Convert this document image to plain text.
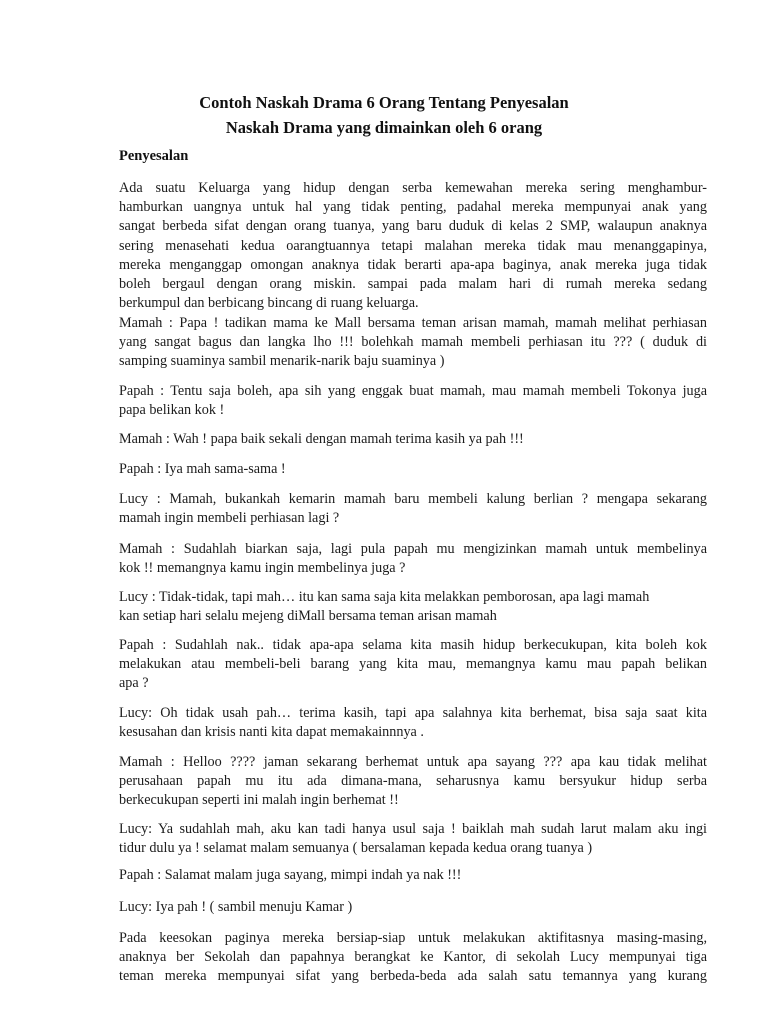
Contoh Naskah Drama 6 Orang Tentang Penyesalan
Naskah Drama yang dimainkan oleh 6 orang
Penyesalan
Ada suatu Keluarga yang hidup dengan serba kemewahan mereka sering menghambur-
hamburkan uangnya untuk hal yang tidak penting, padahal mereka mempunyai anak yang
sangat berbeda sifat dengan orang tuanya, yang baru duduk di kelas 2 SMP, walaupun anaknya
sering menasehati kedua oarangtuannya tetapi malahan mereka tidak mau menanggapinya,
mereka menganggap omongan anaknya tidak berarti apa-apa baginya, anak mereka juga tidak
boleh bergaul dengan orang miskin. sampai pada malam hari di rumah mereka sedang
berkumpul dan berbicang bincang di ruang keluarga.
Mamah : Papa ! tadikan mama ke Mall bersama teman arisan mamah, mamah melihat perhiasan
yang sangat bagus dan langka lho !!! bolehkah mamah membeli perhiasan itu ??? ( duduk di
samping suaminya sambil menarik-narik baju suaminya )
Papah : Tentu saja boleh, apa sih yang enggak buat mamah, mau mamah membeli Tokonya juga
papa belikan kok !
Mamah : Wah ! papa baik sekali dengan mamah terima kasih ya pah !!!
Papah : Iya mah sama-sama !
Lucy : Mamah, bukankah kemarin mamah baru membeli kalung berlian ? mengapa sekarang
mamah ingin membeli perhiasan lagi ?
Mamah : Sudahlah biarkan saja, lagi pula papah mu mengizinkan mamah untuk membelinya
kok !! memangnya kamu ingin membelinya juga ?
Lucy : Tidak-tidak, tapi mah… itu kan sama saja kita melakkan pemborosan, apa lagi mamah
kan setiap hari selalu mejeng diMall bersama teman arisan mamah
Papah : Sudahlah nak.. tidak apa-apa selama kita masih hidup berkecukupan, kita boleh kok
melakukan atau membeli-beli barang yang kita mau, memangnya kamu mau papah belikan
apa ?
Lucy: Oh tidak usah pah… terima kasih, tapi apa salahnya kita berhemat, bisa saja saat kita
kesusahan dan krisis nanti kita dapat memakainnnya .
Mamah : Helloo ???? jaman sekarang berhemat untuk apa sayang ??? apa kau tidak melihat
perusahaan papah mu itu ada dimana-mana, seharusnya kamu bersyukur hidup serba
berkecukupan seperti ini malah ingin berhemat !!
Lucy: Ya sudahlah mah, aku kan tadi hanya usul saja ! baiklah mah sudah larut malam aku ingi
tidur dulu ya ! selamat malam semuanya ( bersalaman kepada kedua orang tuanya )
Papah : Salamat malam juga sayang, mimpi indah ya nak !!!
Lucy: Iya pah ! ( sambil menuju Kamar )
Pada keesokan paginya mereka bersiap-siap untuk melakukan aktifitasnya masing-masing,
anaknya ber Sekolah dan papahnya berangkat ke Kantor, di sekolah Lucy mempunyai tiga
teman mereka mempunyai sifat yang berbeda-beda ada salah satu temannya yang kurang
